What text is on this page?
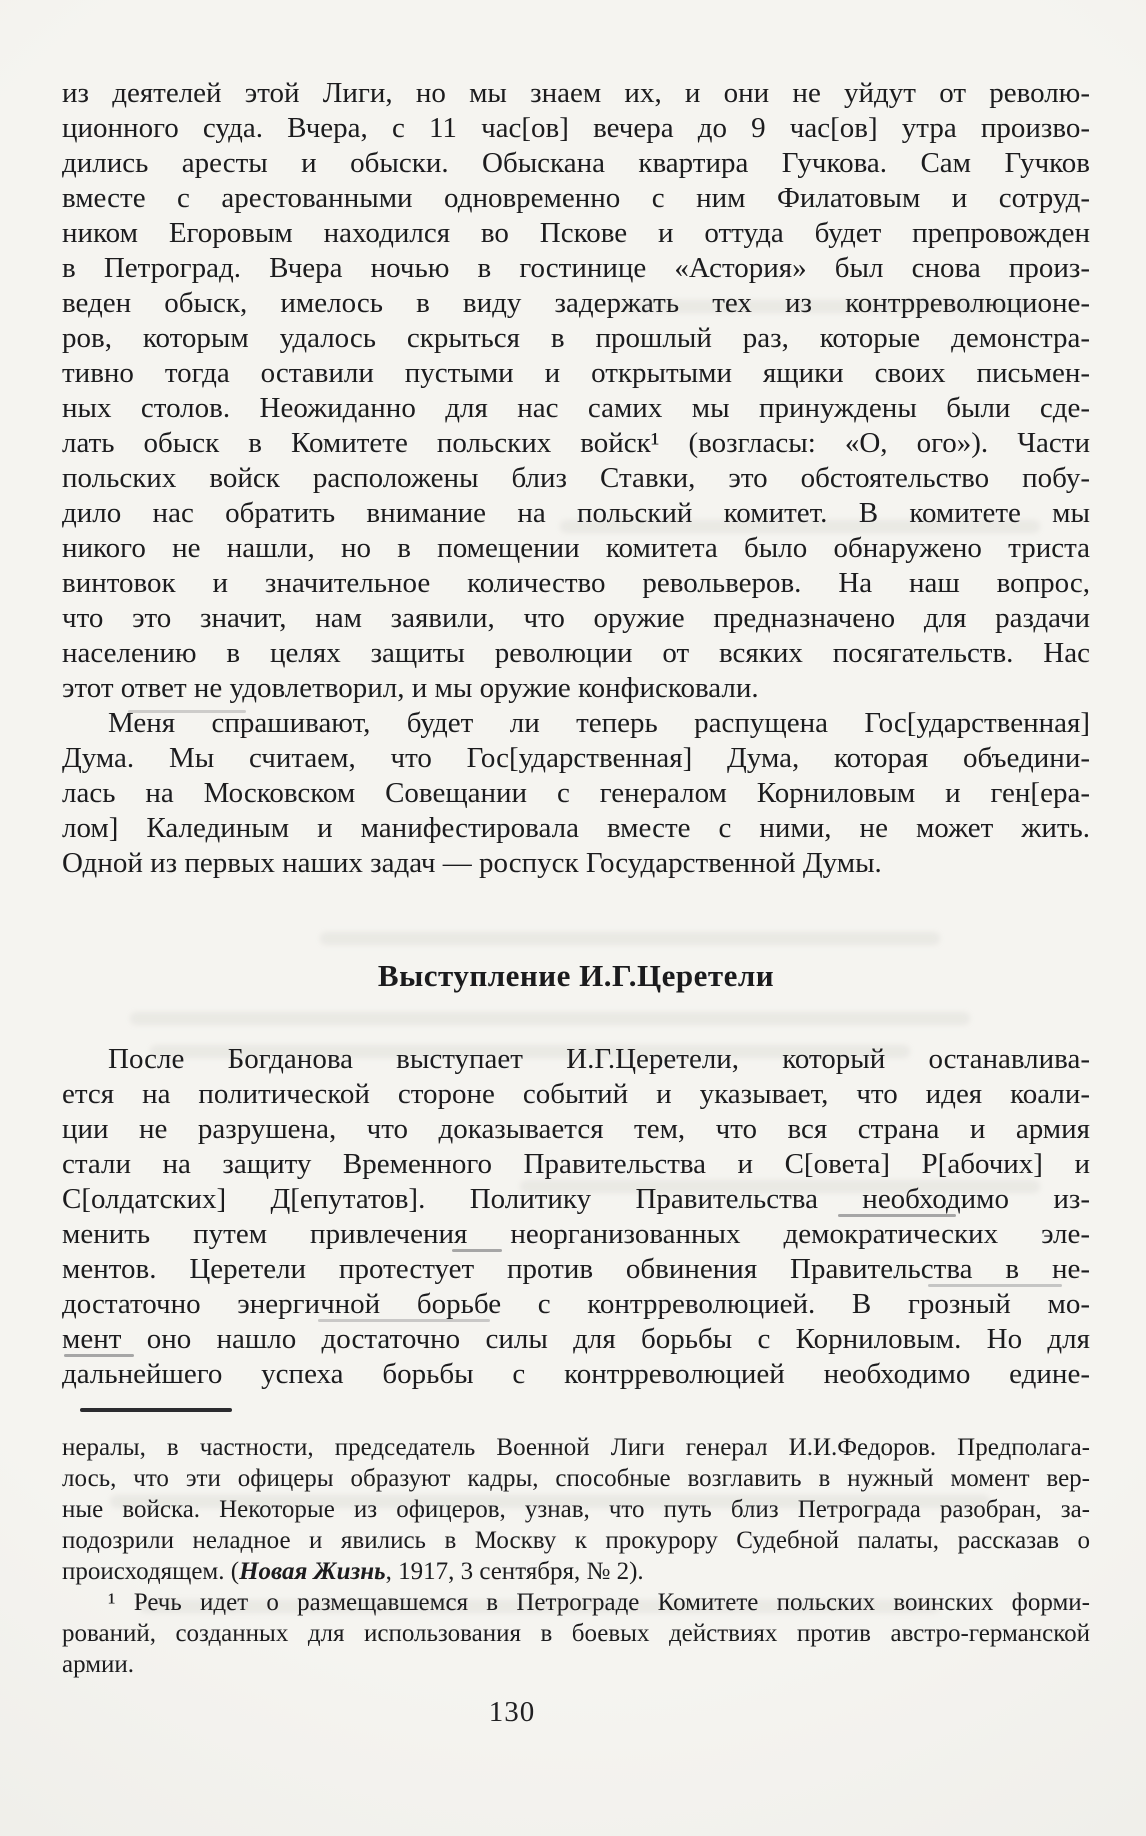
из деятелей этой Лиги, но мы знаем их, и они не уйдут от револю-
ционного суда. Вчера, с 11 час[ов] вечера до 9 час[ов] утра произво-
дились аресты и обыски. Обыскана квартира Гучкова. Сам Гучков
вместе с арестованными одновременно с ним Филатовым и сотруд-
ником Егоровым находился во Пскове и оттуда будет препровожден
в Петроград. Вчера ночью в гостинице «Астория» был снова произ-
веден обыск, имелось в виду задержать тех из контрреволюционе-
ров, которым удалось скрыться в прошлый раз, которые демонстра-
тивно тогда оставили пустыми и открытыми ящики своих письмен-
ных столов. Неожиданно для нас самих мы принуждены были сде-
лать обыск в Комитете польских войск¹ (возгласы: «О, ого»). Части
польских войск расположены близ Ставки, это обстоятельство побу-
дило нас обратить внимание на польский комитет. В комитете мы
никого не нашли, но в помещении комитета было обнаружено триста
винтовок и значительное количество револьверов. На наш вопрос,
что это значит, нам заявили, что оружие предназначено для раздачи
населению в целях защиты революции от всяких посягательств. Нас
этот ответ не удовлетворил, и мы оружие конфисковали.
Меня спрашивают, будет ли теперь распущена Гос[ударственная]
Дума. Мы считаем, что Гос[ударственная] Дума, которая объедини-
лась на Московском Совещании с генералом Корниловым и ген[ера-
лом] Калединым и манифестировала вместе с ними, не может жить.
Одной из первых наших задач — роспуск Государственной Думы.
Выступление И.Г.Церетели
После Богданова выступает И.Г.Церетели, который останавлива-
ется на политической стороне событий и указывает, что идея коали-
ции не разрушена, что доказывается тем, что вся страна и армия
стали на защиту Временного Правительства и С[овета] Р[абочих] и
С[олдатских] Д[епутатов]. Политику Правительства необходимо из-
менить путем привлечения неорганизованных демократических эле-
ментов. Церетели протестует против обвинения Правительства в не-
достаточно энергичной борьбе с контрреволюцией. В грозный мо-
мент оно нашло достаточно силы для борьбы с Корниловым. Но для
дальнейшего успеха борьбы с контрреволюцией необходимо едине-
нералы, в частности, председатель Военной Лиги генерал И.И.Федоров. Предполага-
лось, что эти офицеры образуют кадры, способные возглавить в нужный момент вер-
ные войска. Некоторые из офицеров, узнав, что путь близ Петрограда разобран, за-
подозрили неладное и явились в Москву к прокурору Судебной палаты, рассказав о
происходящем. (Новая Жизнь, 1917, 3 сентября, № 2).
¹ Речь идет о размещавшемся в Петрограде Комитете польских воинских форми-
рований, созданных для использования в боевых действиях против австро-германской
армии.
130
